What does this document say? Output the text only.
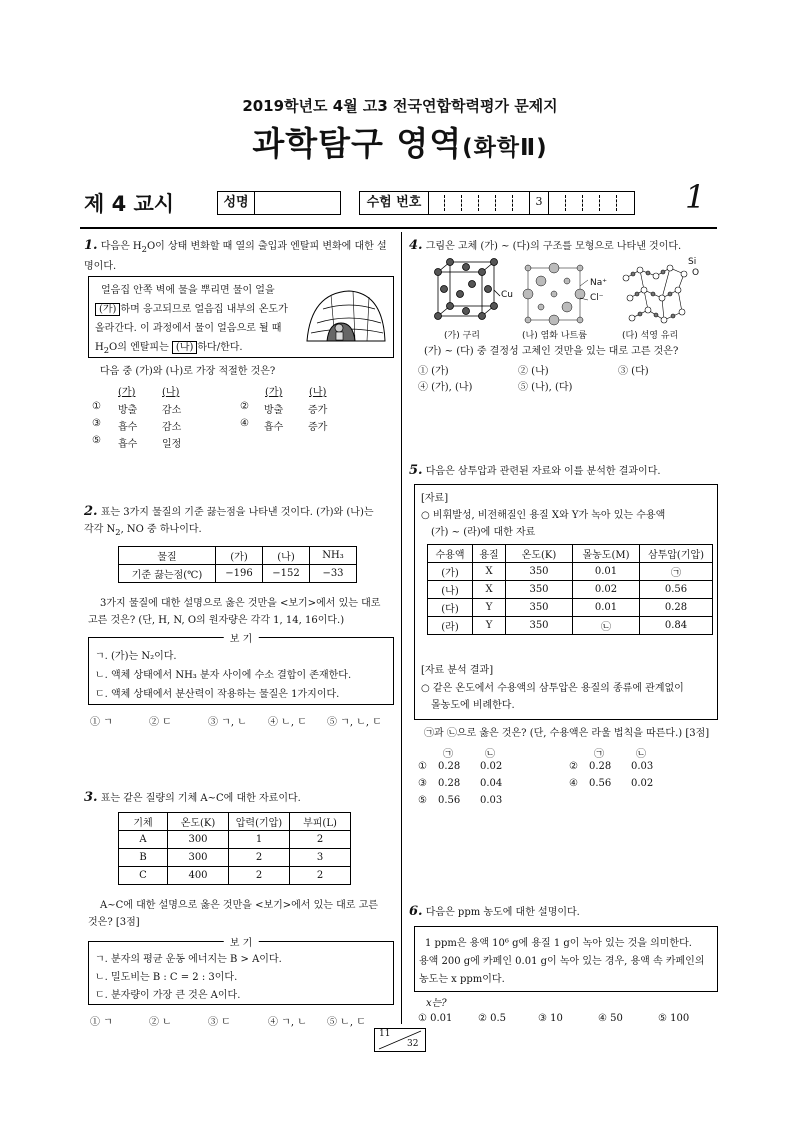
2019학년도 4월 고3 전국연합학력평가 문제지
과학탐구 영역(화학Ⅱ)
제 4 교시	성명	수험 번호	3	1
1. 다음은 $H_2O$이 상태 변화할 때 열의 출입과 엔탈피 변화에 대한 설명이다.
얼음집 안쪽 벽에 물을 뿌리면 물이 얼을
(가) 하며 응고되므로 얼음집 내부의 온도가
올라간다. 이 과정에서 물이 얼음으로 될 때
$H_2O$의 엔탈피는 (나) 하다/한다.
다음 중 (가)와 (나)로 가장 적절한 것은?
(가)	(나)	(가)	(나)
① 방출 감소	② 방출 증가
③ 흡수 감소	④ 흡수 증가
⑤ 흡수 일정
2. 표는 3가지 물질의 기준 끓는점을 나타낸 것이다. (가)와 (나)는
각각 $N_2$, NO 중 하나이다.
물질	(가)	(나)	NH₃
기준 끓는점(℃)	−196	−152	−33
3가지 물질에 대한 설명으로 옳은 것만을 <보기>에서 있는 대로
고른 것은? (단, H, N, O의 원자량은 각각 1, 14, 16이다.)
보 기
ㄱ. (가)는 N₂이다.
ㄴ. 액체 상태에서 NH₃ 분자 사이에 수소 결합이 존재한다.
ㄷ. 액체 상태에서 분산력이 작용하는 물질은 1가지이다.
① ㄱ	② ㄷ	③ ㄱ, ㄴ ④ ㄴ, ㄷ ⑤ ㄱ, ㄴ, ㄷ
3. 표는 같은 질량의 기체 A~C에 대한 자료이다.
기체	온도(K)	압력(기압)	부피(L)
A	300	1	2
B	300	2	3
C	400	2	2
A~C에 대한 설명으로 옳은 것만을 <보기>에서 있는 대로 고른
것은? [3점]
보 기
ㄱ. 분자의 평균 운동 에너지는 B > A이다.
ㄴ. 밀도비는 B : C = 2 : 3이다.
ㄷ. 분자량이 가장 큰 것은 A이다.
① ㄱ	② ㄴ	③ ㄷ	④ ㄱ, ㄴ ⑤ ㄴ, ㄷ
4. 그림은 고체 (가) ~ (다)의 구조를 모형으로 나타낸 것이다.
Cu
Na⁺
Cl⁻
Si
O
(가) 구리	(나) 염화 나트륨	(다) 석영 유리
(가) ~ (다) 중 결정성 고체인 것만을 있는 대로 고른 것은?
① (가)	② (나)	③ (다)
④ (가), (나)	⑤ (나), (다)
5. 다음은 삼투압과 관련된 자료와 이를 분석한 결과이다.
[자료]
○ 비휘발성, 비전해질인 용질 X와 Y가 녹아 있는 수용액
(가) ~ (라)에 대한 자료
수용액	용질	온도(K)	몰농도(M)	삼투압(기압)
(가)	X	350	0.01	㉠
(나)	X	350	0.02	0.56
(다)	Y	350	0.01	0.28
(라)	Y	350	㉡	0.84
[자료 분석 결과]
○ 같은 온도에서 수용액의 삼투압은 용질의 종류에 관계없이
몰농도에 비례한다.
㉠과 ㉡으로 옳은 것은? (단, 수용액은 라울 법칙을 따른다.) [3점]
㉠	㉡	㉠	㉡
① 0.28 0.02	② 0.28 0.03
③ 0.28 0.04	④ 0.56 0.02
⑤ 0.56 0.03
6. 다음은 ppm 농도에 대한 설명이다.
1 ppm은 용액 10⁶ g에 용질 1 g이 녹아 있는 것을 의미한다.
용액 200 g에 카페인 0.01 g이 녹아 있는 경우, 용액 속 카페인의
농도는 x ppm이다.
x는?
① 0.01	② 0.5	③ 10	④ 50	⑤ 100
11
32
